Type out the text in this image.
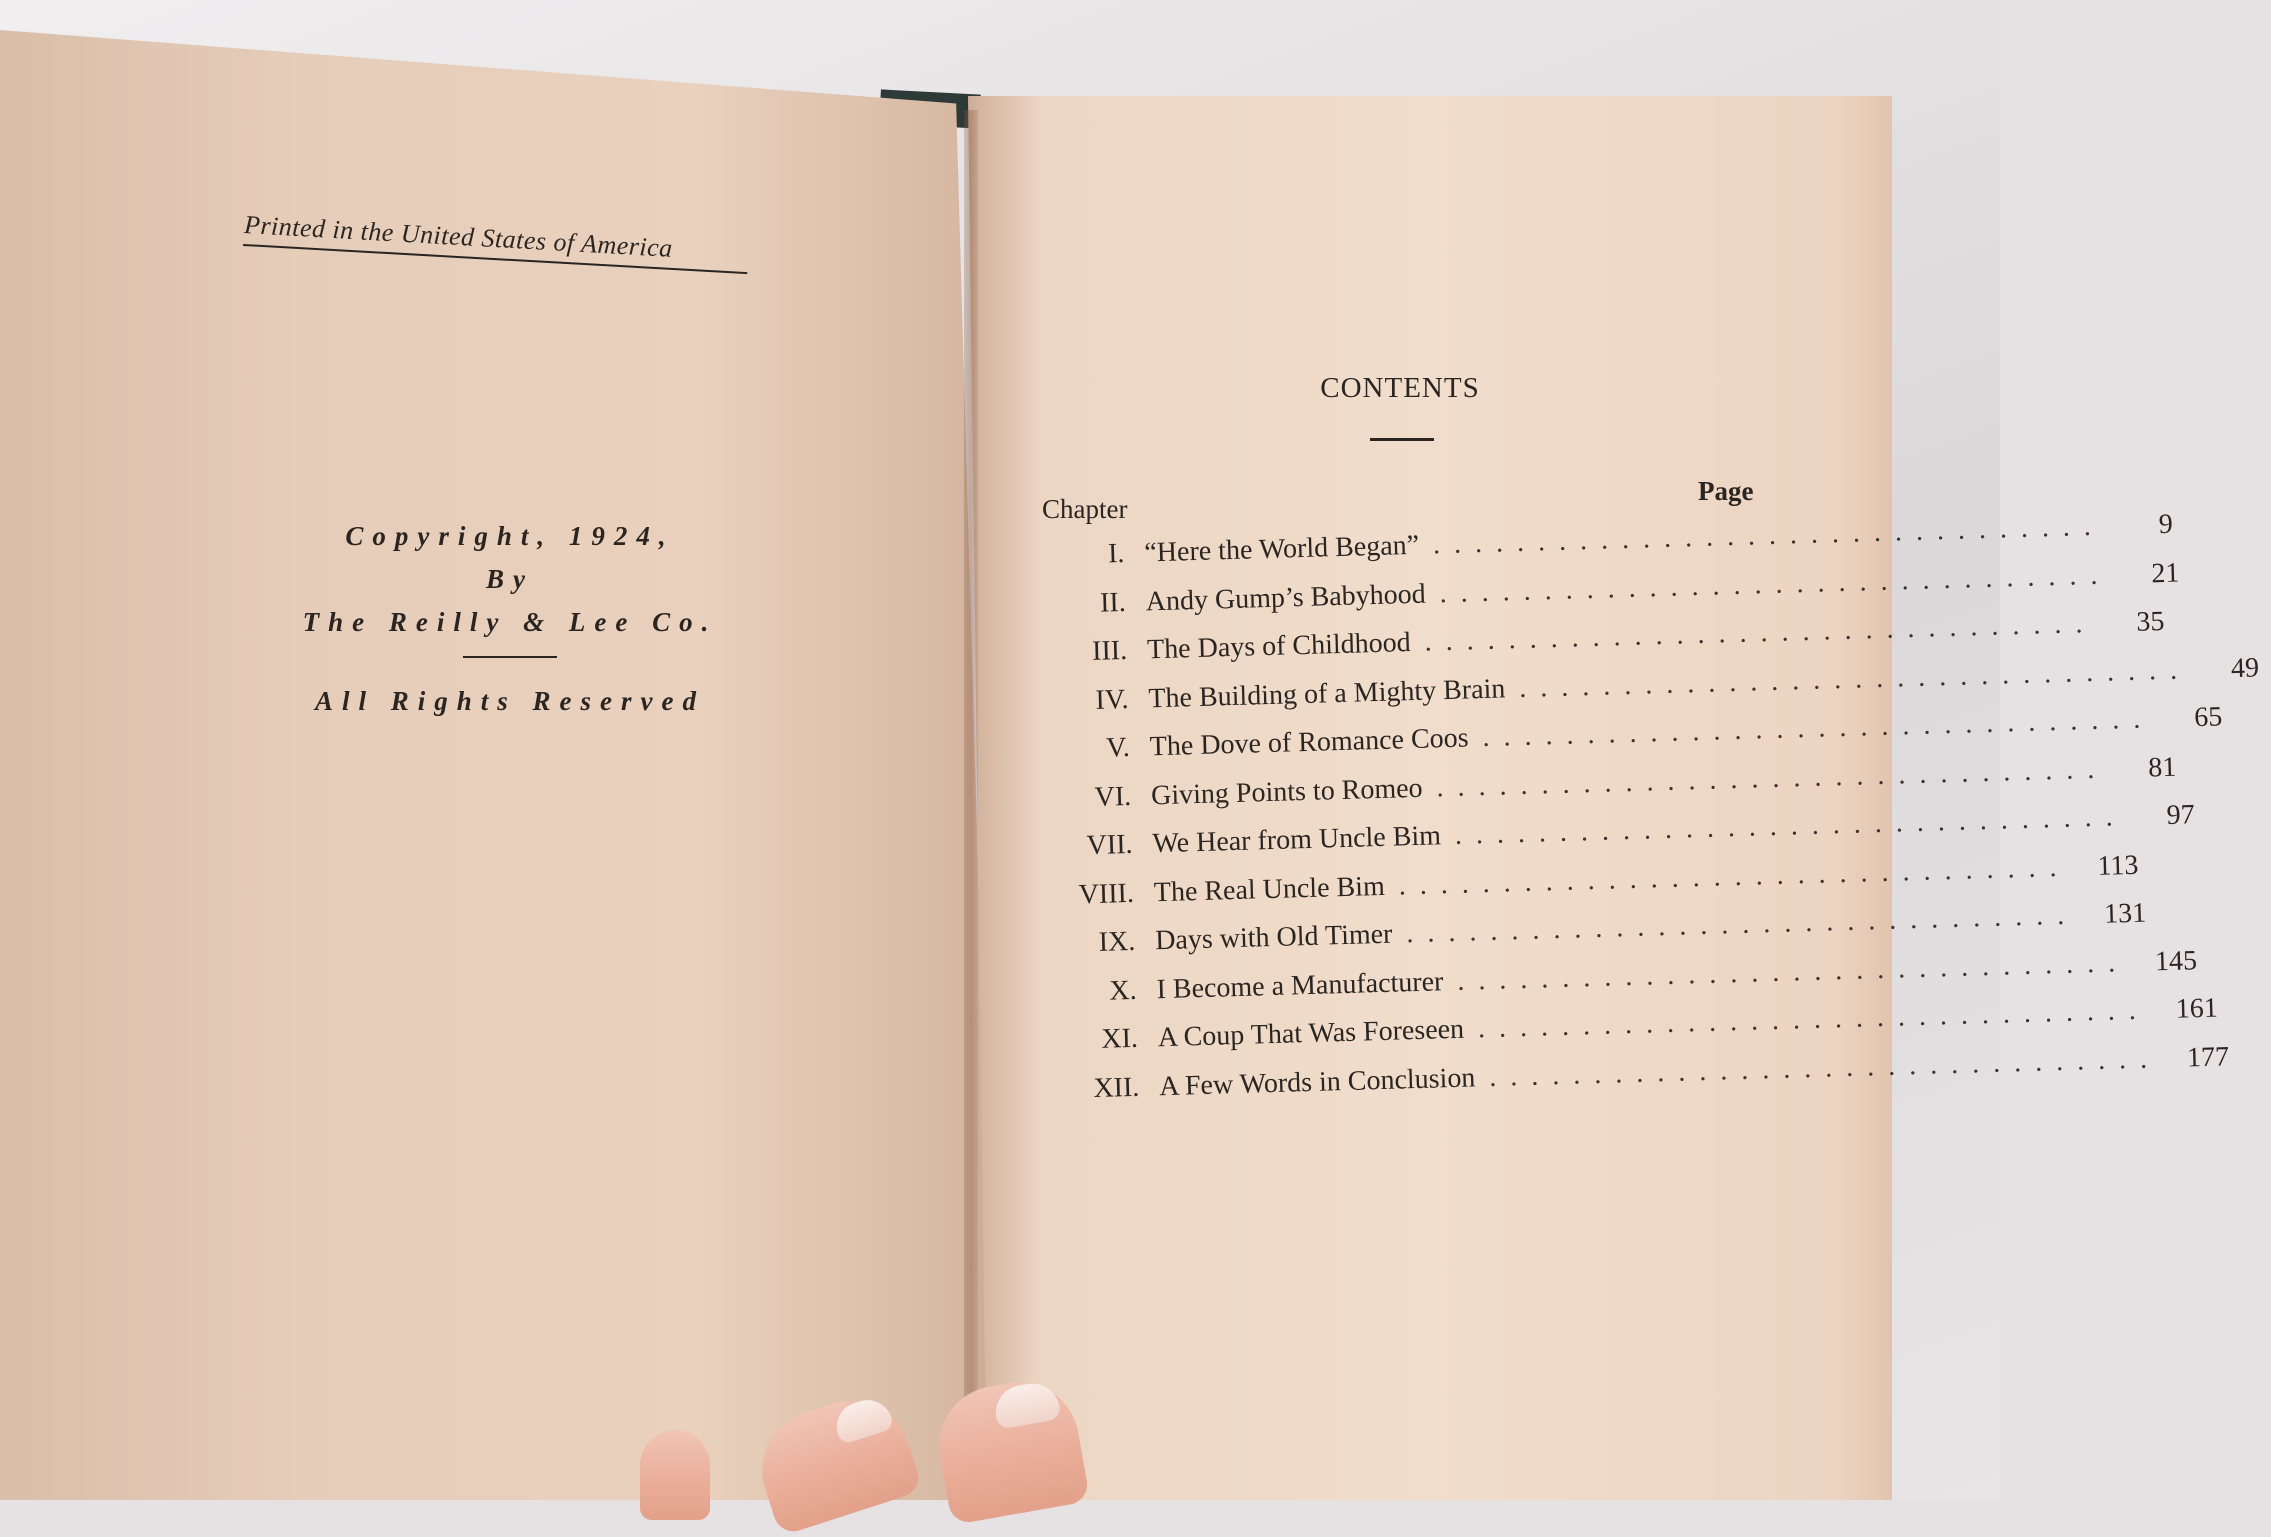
Printed in the United States of America
Copyright, 1924,
By
The Reilly & Lee Co.
All Rights Reserved
CONTENTS
Chapter
Page
I. “Here the World Began” ................................	9
II. Andy Gump’s Babyhood ................................	21
III. The Days of Childhood ................................	35
IV. The Building of a Mighty Brain ................................	49
V. The Dove of Romance Coos ................................	65
VI. Giving Points to Romeo ................................	81
VII. We Hear from Uncle Bim ................................	97
VIII. The Real Uncle Bim ................................ 113
IX. Days with Old Timer ................................ 131
X. I Become a Manufacturer ................................ 145
XI. A Coup That Was Foreseen ................................ 161
XII. A Few Words in Conclusion ................................ 177
